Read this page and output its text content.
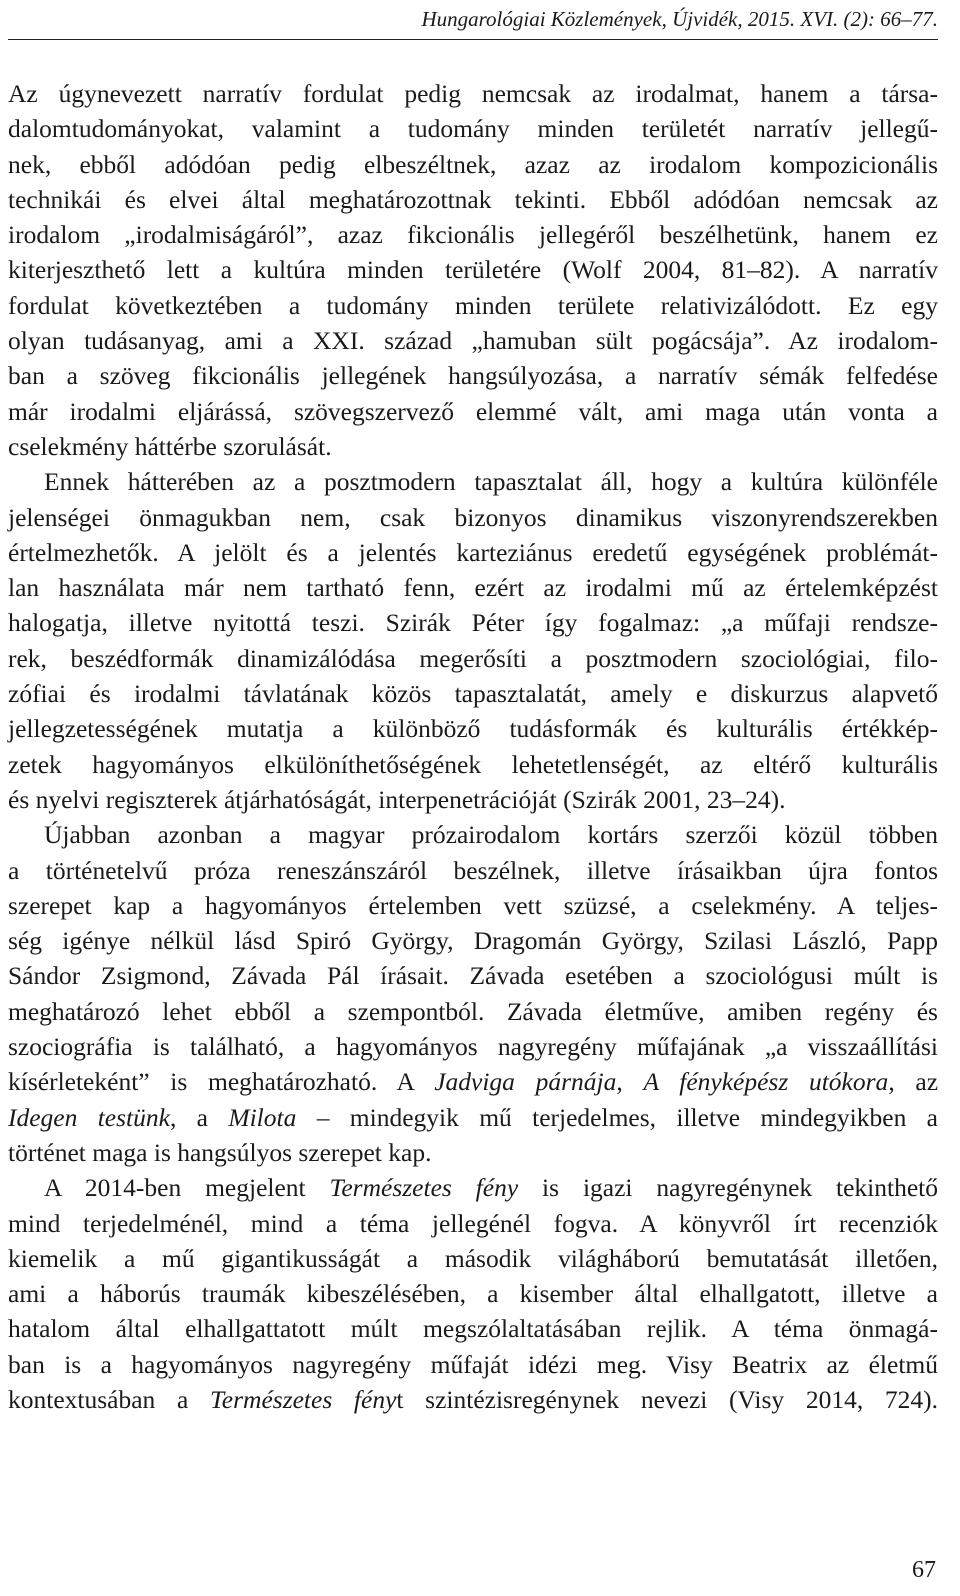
Hungarológiai Közlemények, Újvidék, 2015. XVI. (2): 66–77.
Az úgynevezett narratív fordulat pedig nemcsak az irodalmat, hanem a társa-
dalomtudományokat, valamint a tudomány minden területét narratív jellegű-
nek, ebből adódóan pedig elbeszéltnek, azaz az irodalom kompozicionális
technikái és elvei által meghatározottnak tekinti. Ebből adódóan nemcsak az
irodalom „irodalmiságáról”, azaz fikcionális jellegéről beszélhetünk, hanem ez
kiterjeszthető lett a kultúra minden területére (Wolf 2004, 81–82). A narratív
fordulat következtében a tudomány minden területe relativizálódott. Ez egy
olyan tudásanyag, ami a XXI. század „hamuban sült pogácsája”. Az irodalom-
ban a szöveg fikcionális jellegének hangsúlyozása, a narratív sémák felfedése
már irodalmi eljárássá, szövegszervező elemmé vált, ami maga után vonta a
cselekmény háttérbe szorulását.
Ennek hátterében az a posztmodern tapasztalat áll, hogy a kultúra különféle
jelenségei önmagukban nem, csak bizonyos dinamikus viszonyrendszerekben
értelmezhetők. A jelölt és a jelentés karteziánus eredetű egységének problémát-
lan használata már nem tartható fenn, ezért az irodalmi mű az értelemképzést
halogatja, illetve nyitottá teszi. Szirák Péter így fogalmaz: „a műfaji rendsze-
rek, beszédformák dinamizálódása megerősíti a posztmodern szociológiai, filo-
zófiai és irodalmi távlatának közös tapasztalatát, amely e diskurzus alapvető
jellegzetességének mutatja a különböző tudásformák és kulturális értékkép-
zetek hagyományos elkülöníthetőségének lehetetlenségét, az eltérő kulturális
és nyelvi regiszterek átjárhatóságát, interpenetrációját (Szirák 2001, 23–24).
Újabban azonban a magyar prózairodalom kortárs szerzői közül többen
a történetelvű próza reneszánszáról beszélnek, illetve írásaikban újra fontos
szerepet kap a hagyományos értelemben vett szüzsé, a cselekmény. A teljes-
ség igénye nélkül lásd Spiró György, Dragomán György, Szilasi László, Papp
Sándor Zsigmond, Závada Pál írásait. Závada esetében a szociológusi múlt is
meghatározó lehet ebből a szempontból. Závada életműve, amiben regény és
szociográfia is található, a hagyományos nagyregény műfajának „a visszaállítási
kísérleteként” is meghatározható. A Jadviga párnája, A fényképész utókora, az
Idegen testünk, a Milota – mindegyik mű terjedelmes, illetve mindegyikben a
történet maga is hangsúlyos szerepet kap.
A 2014-ben megjelent Természetes fény is igazi nagyregénynek tekinthető
mind terjedelménél, mind a téma jellegénél fogva. A könyvről írt recenziók
kiemelik a mű gigantikusságát a második világháború bemutatását illetően,
ami a háborús traumák kibeszélésében, a kisember által elhallgatott, illetve a
hatalom által elhallgattatott múlt megszólaltatásában rejlik. A téma önmagá-
ban is a hagyományos nagyregény műfaját idézi meg. Visy Beatrix az életmű
kontextusában a Természetes fényt szintézisregénynek nevezi (Visy 2014, 724).
67
